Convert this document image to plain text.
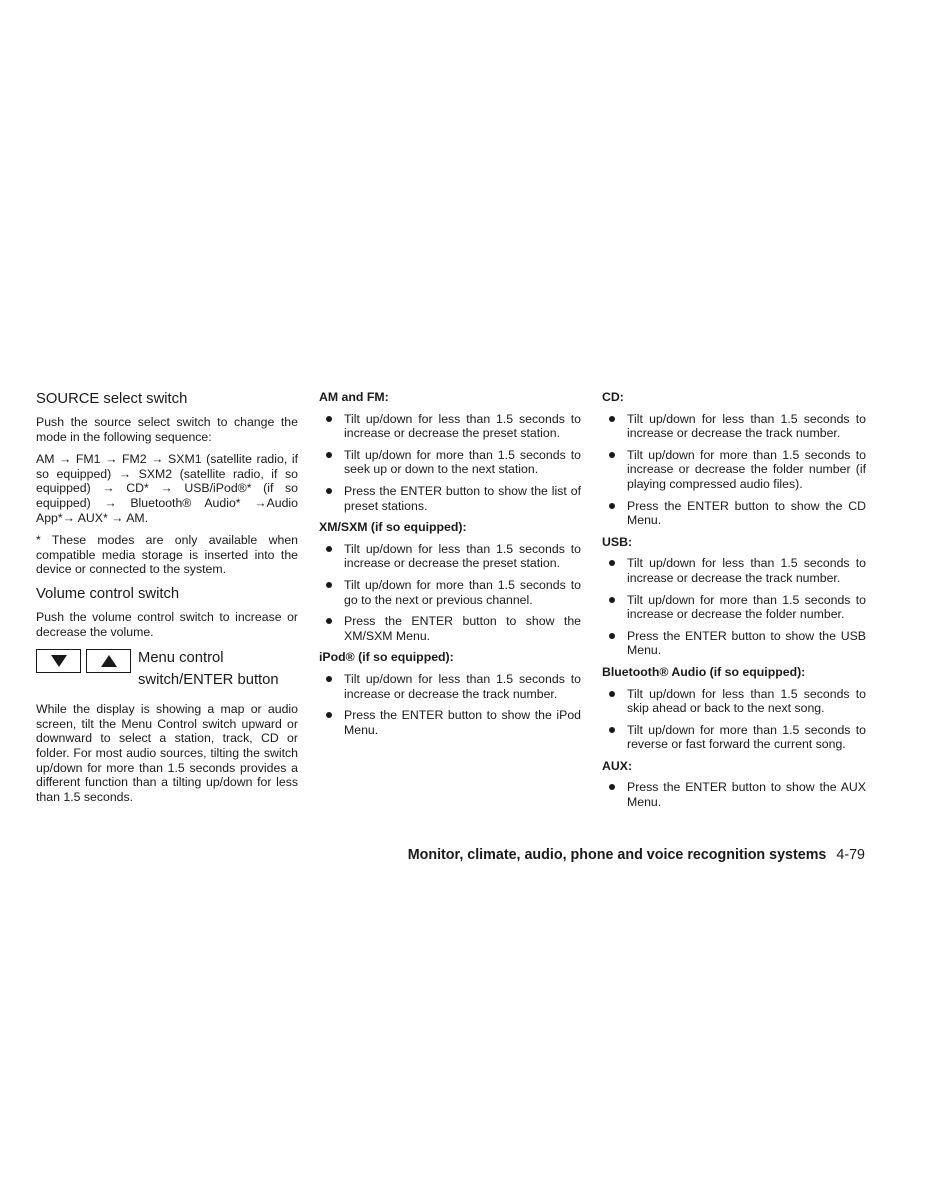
SOURCE select switch
Push the source select switch to change the mode in the following sequence:
AM → FM1 → FM2 → SXM1 (satellite radio, if so equipped) → SXM2 (satellite radio, if so equipped) → CD* → USB/iPod®* (if so equipped) → Bluetooth® Audio* →Audio App*→ AUX* → AM.
* These modes are only available when compatible media storage is inserted into the device or connected to the system.
Volume control switch
Push the volume control switch to increase or decrease the volume.
Menu control
switch/ENTER button
While the display is showing a map or audio screen, tilt the Menu Control switch upward or downward to select a station, track, CD or folder. For most audio sources, tilting the switch up/down for more than 1.5 seconds provides a different function than a tilting up/down for less than 1.5 seconds.
AM and FM:
Tilt up/down for less than 1.5 seconds to increase or decrease the preset station.
Tilt up/down for more than 1.5 seconds to seek up or down to the next station.
Press the ENTER button to show the list of preset stations.
XM/SXM (if so equipped):
Tilt up/down for less than 1.5 seconds to increase or decrease the preset station.
Tilt up/down for more than 1.5 seconds to go to the next or previous channel.
Press the ENTER button to show the XM/SXM Menu.
iPod® (if so equipped):
Tilt up/down for less than 1.5 seconds to increase or decrease the track number.
Press the ENTER button to show the iPod Menu.
CD:
Tilt up/down for less than 1.5 seconds to increase or decrease the track number.
Tilt up/down for more than 1.5 seconds to increase or decrease the folder number (if playing compressed audio files).
Press the ENTER button to show the CD Menu.
USB:
Tilt up/down for less than 1.5 seconds to increase or decrease the track number.
Tilt up/down for more than 1.5 seconds to increase or decrease the folder number.
Press the ENTER button to show the USB Menu.
Bluetooth® Audio (if so equipped):
Tilt up/down for less than 1.5 seconds to skip ahead or back to the next song.
Tilt up/down for more than 1.5 seconds to reverse or fast forward the current song.
AUX:
Press the ENTER button to show the AUX Menu.
Monitor, climate, audio, phone and voice recognition systems 4-79
